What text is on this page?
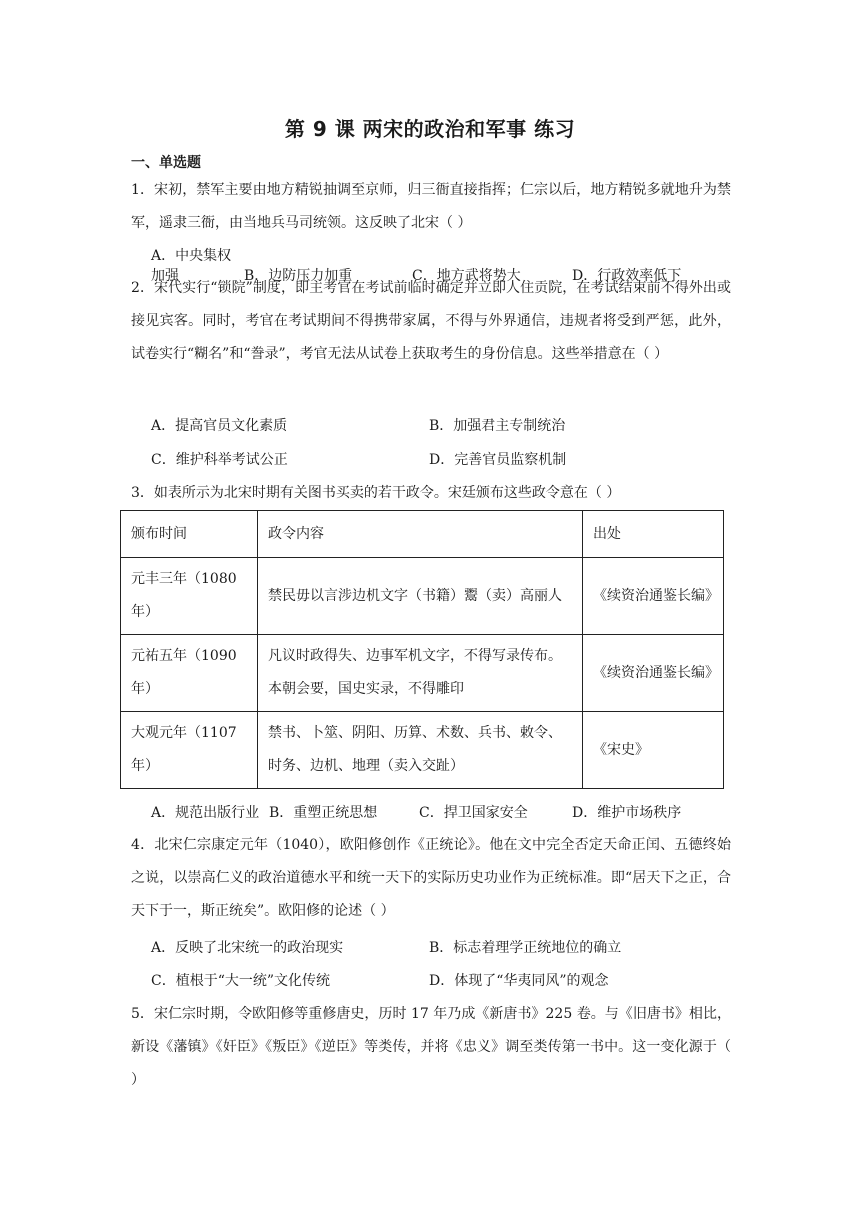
第 9 课 两宋的政治和军事 练习
一、单选题
1．宋初，禁军主要由地方精锐抽调至京师，归三衙直接指挥；仁宗以后，地方精锐多就地升为禁军，遥隶三衙，由当地兵马司统领。这反映了北宋（ ）
A．中央集权加强	B．边防压力加重	C．地方武将势大	D．行政效率低下
2．宋代实行“锁院”制度，即主考官在考试前临时确定并立即人住贡院，在考试结束前不得外出或接见宾客。同时，考官在考试期间不得携带家属，不得与外界通信，违规者将受到严惩，此外，试卷实行“糊名”和“誊录”，考官无法从试卷上获取考生的身份信息。这些举措意在（ ）
A．提高官员文化素质	B．加强君主专制统治
C．维护科举考试公正	D．完善官员监察机制
3．如表所示为北宋时期有关图书买卖的若干政令。宋廷颁布这些政令意在（ ）
颁布时间	政令内容	出处
元丰三年（1080 年）	禁民毋以言涉边机文字（书籍）鬻（卖）高丽人	《续资治通鉴长编》
元祐五年（1090 年）	凡议时政得失、边事军机文字，不得写录传布。本朝会要，国史实录，不得雕印	《续资治通鉴长编》
大观元年（1107 年）	禁书、卜筮、阴阳、历算、术数、兵书、敕令、时务、边机、地理（卖入交趾）	《宋史》
A．规范出版行业 B．重塑正统思想	C．捍卫国家安全	D．维护市场秩序
4．北宋仁宗康定元年（1040），欧阳修创作《正统论》。他在文中完全否定天命正闰、五德终始之说，以崇高仁义的政治道德水平和统一天下的实际历史功业作为正统标准。即“居天下之正，合天下于一，斯正统矣”。欧阳修的论述（ ）
A．反映了北宋统一的政治现实	B．标志着理学正统地位的确立
C．植根于“大一统”文化传统	D．体现了“华夷同风”的观念
5．宋仁宗时期，令欧阳修等重修唐史，历时 17 年乃成《新唐书》225 卷。与《旧唐书》相比，新设《藩镇》《奸臣》《叛臣》《逆臣》等类传，并将《忠义》调至类传第一书中。这一变化源于（ ）
